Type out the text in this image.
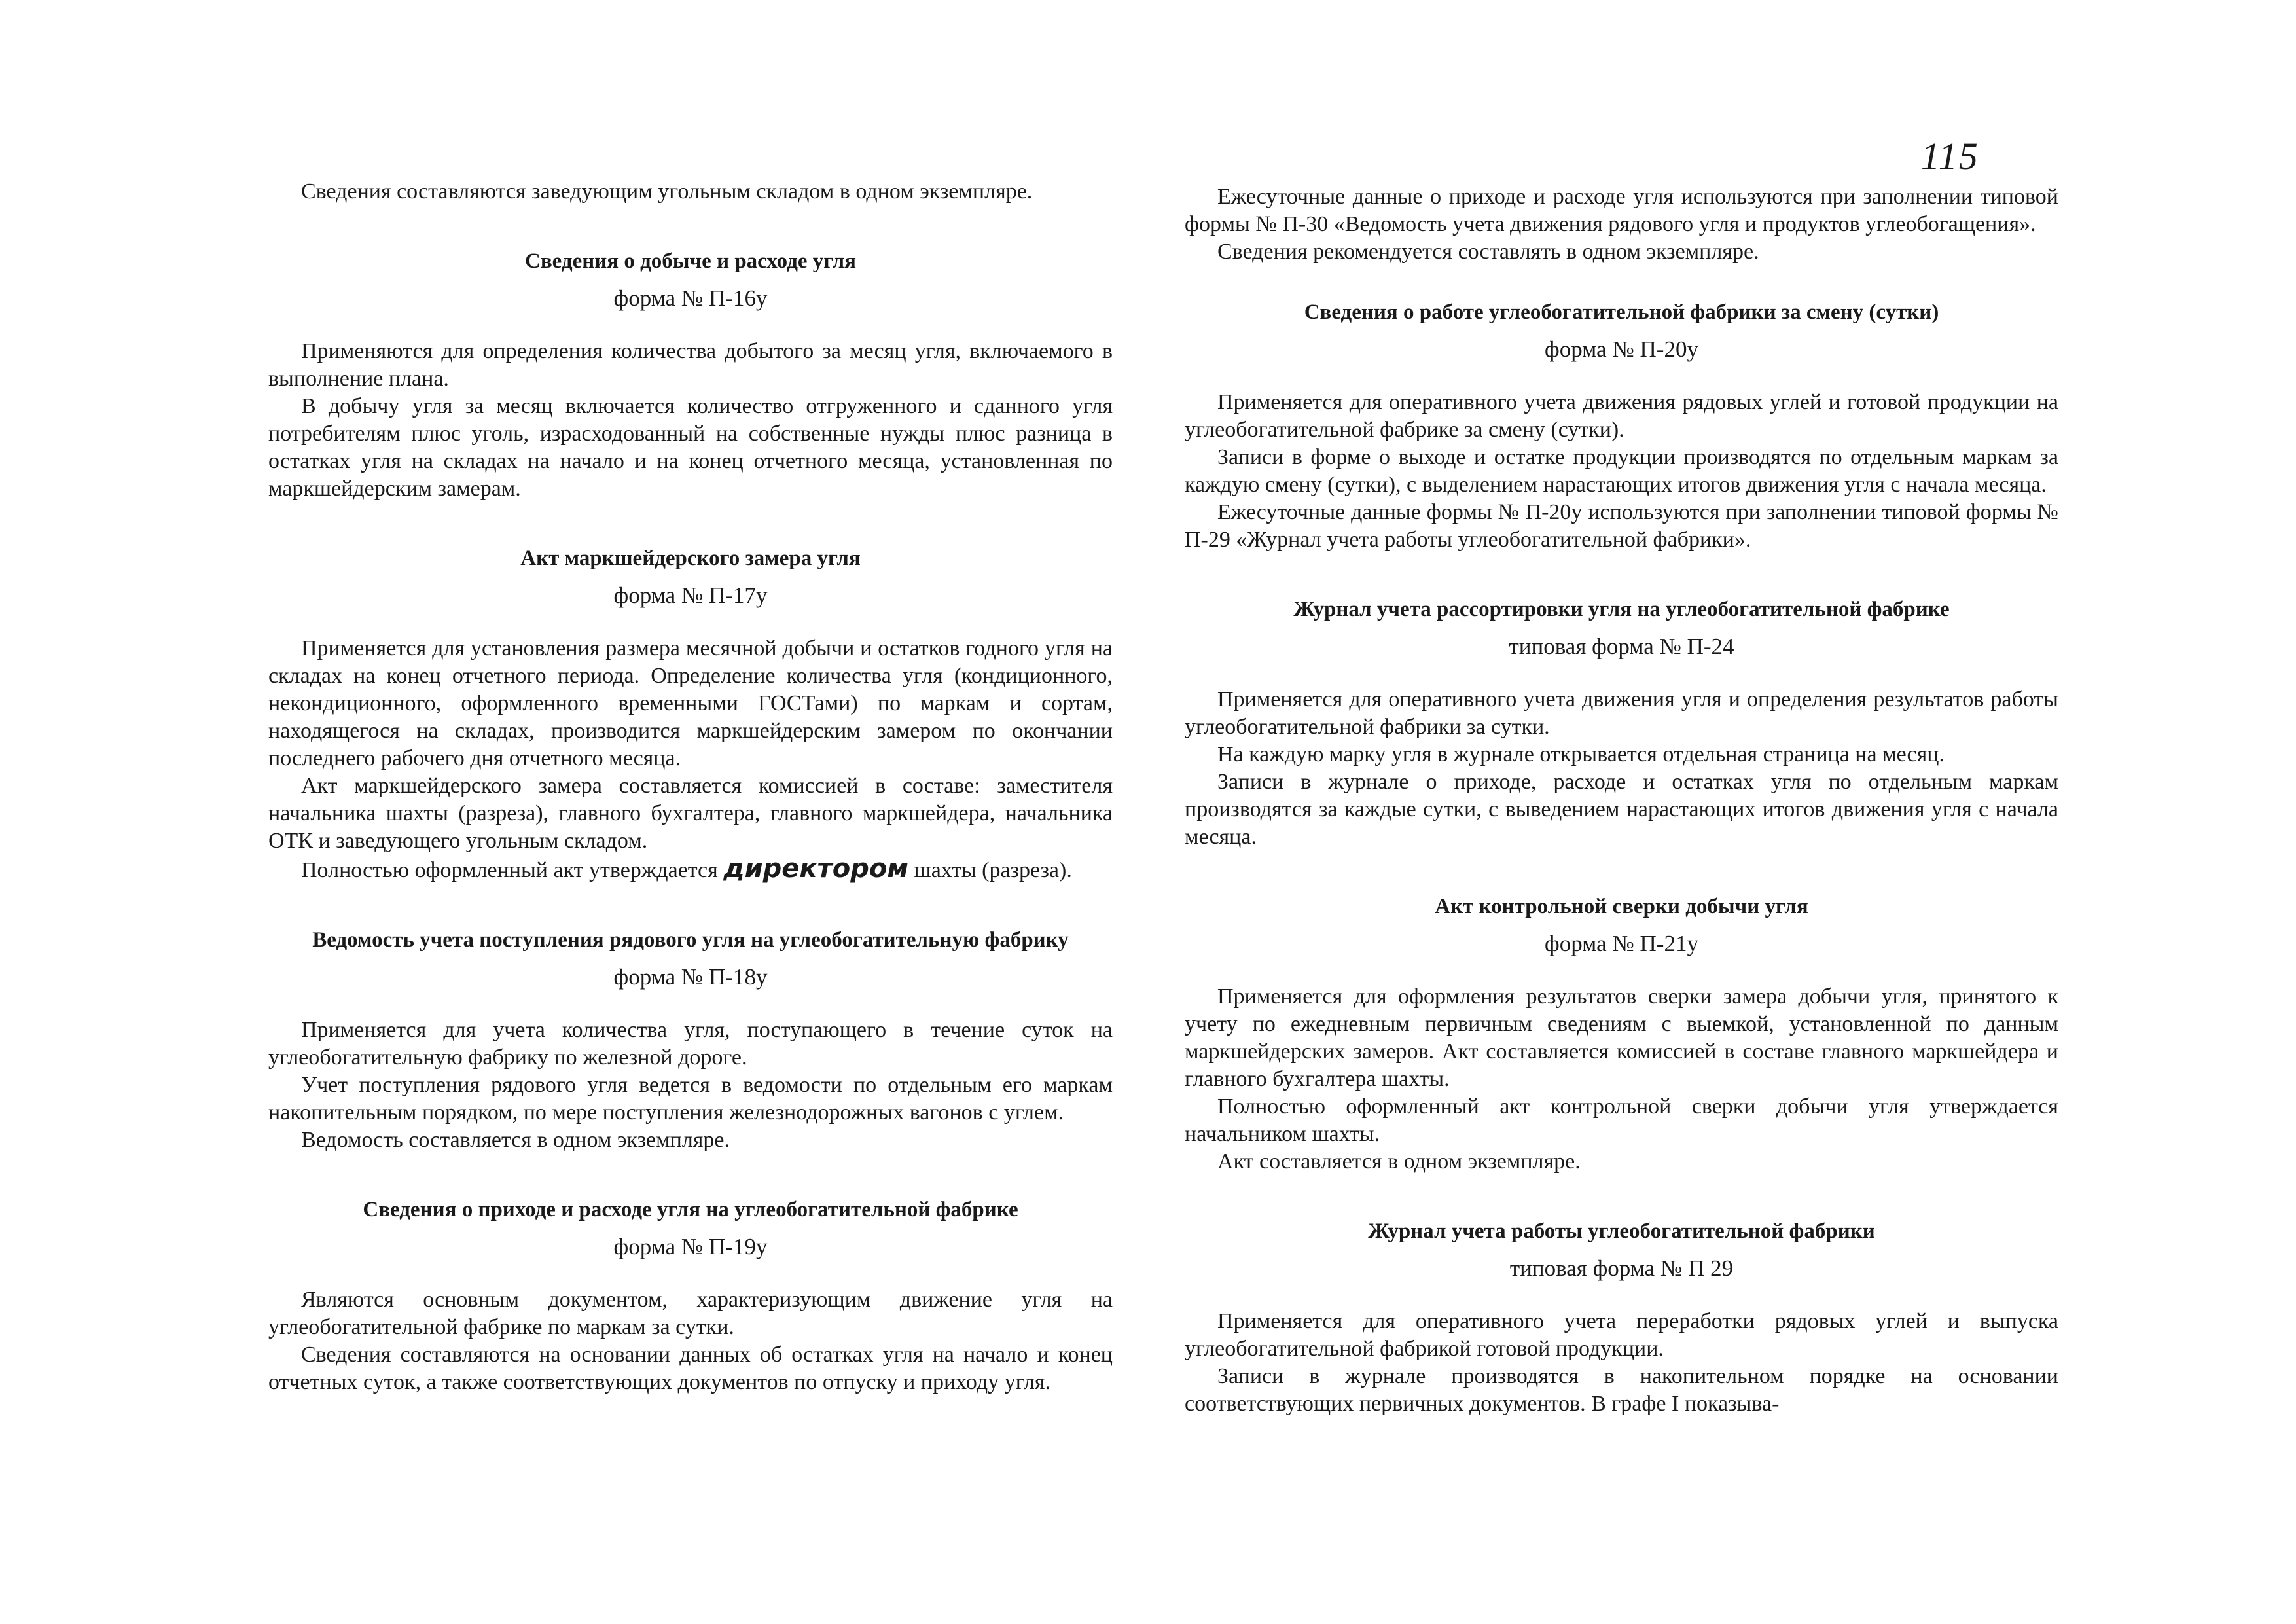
115

Сведения составляются заведующим угольным складом в одном экземпляре.

Сведения о добыче и расходе угля
форма № П-16у

Применяются для определения количества добытого за месяц угля, включаемого в выполнение плана.

В добычу угля за месяц включается количество отгруженного и сданного угля потребителям плюс уголь, израсходованный на собственные нужды плюс разница в остатках угля на складах на начало и на конец отчетного месяца, установленная по маркшейдерским замерам.

Акт маркшейдерского замера угля
форма № П-17у

Применяется для установления размера месячной добычи и остатков годного угля на складах на конец отчетного периода. Определение количества угля (кондиционного, некондиционного, оформленного временными ГОСТами) по маркам и сортам, находящегося на складах, производится маркшейдерским замером по окончании последнего рабочего дня отчетного месяца.

Акт маркшейдерского замера составляется комиссией в составе: заместителя начальника шахты (разреза), главного бухгалтера, главного маркшейдера, начальника ОТК и заведующего угольным складом.

Полностью оформленный акт утверждается директором шахты (разреза).

Ведомость учета поступления рядового угля на углеобогатительную фабрику
форма № П-18у

Применяется для учета количества угля, поступающего в течение суток на углеобогатительную фабрику по железной дороге.

Учет поступления рядового угля ведется в ведомости по отдельным его маркам накопительным порядком, по мере поступления железнодорожных вагонов с углем.

Ведомость составляется в одном экземпляре.

Сведения о приходе и расходе угля на углеобогатительной фабрике
форма № П-19у

Являются основным документом, характеризующим движение угля на углеобогатительной фабрике по маркам за сутки.

Сведения составляются на основании данных об остатках угля на начало и конец отчетных суток, а также соответствующих документов по отпуску и приходу угля.

Ежесуточные данные о приходе и расходе угля используются при заполнении типовой формы № П-30 «Ведомость учета движения рядового угля и продуктов углеобогащения».

Сведения рекомендуется составлять в одном экземпляре.

Сведения о работе углеобогатительной фабрики за смену (сутки)
форма № П-20у

Применяется для оперативного учета движения рядовых углей и готовой продукции на углеобогатительной фабрике за смену (сутки).

Записи в форме о выходе и остатке продукции производятся по отдельным маркам за каждую смену (сутки), с выделением нарастающих итогов движения угля с начала месяца.

Ежесуточные данные формы № П-20у используются при заполнении типовой формы № П-29 «Журнал учета работы углеобогатительной фабрики».

Журнал учета рассортировки угля на углеобогатительной фабрике
типовая форма № П-24

Применяется для оперативного учета движения угля и определения результатов работы углеобогатительной фабрики за сутки.

На каждую марку угля в журнале открывается отдельная страница на месяц.

Записи в журнале о приходе, расходе и остатках угля по отдельным маркам производятся за каждые сутки, с выведением нарастающих итогов движения угля с начала месяца.

Акт контрольной сверки добычи угля
форма № П-21у

Применяется для оформления результатов сверки замера добычи угля, принятого к учету по ежедневным первичным сведениям с выемкой, установленной по данным маркшейдерских замеров. Акт составляется комиссией в составе главного маркшейдера и главного бухгалтера шахты.

Полностью оформленный акт контрольной сверки добычи угля утверждается начальником шахты.

Акт составляется в одном экземпляре.

Журнал учета работы углеобогатительной фабрики
типовая форма № П 29

Применяется для оперативного учета переработки рядовых углей и выпуска углеобогатительной фабрикой готовой продукции.

Записи в журнале производятся в накопительном порядке на основании соответствующих первичных документов. В графе I показыва-
